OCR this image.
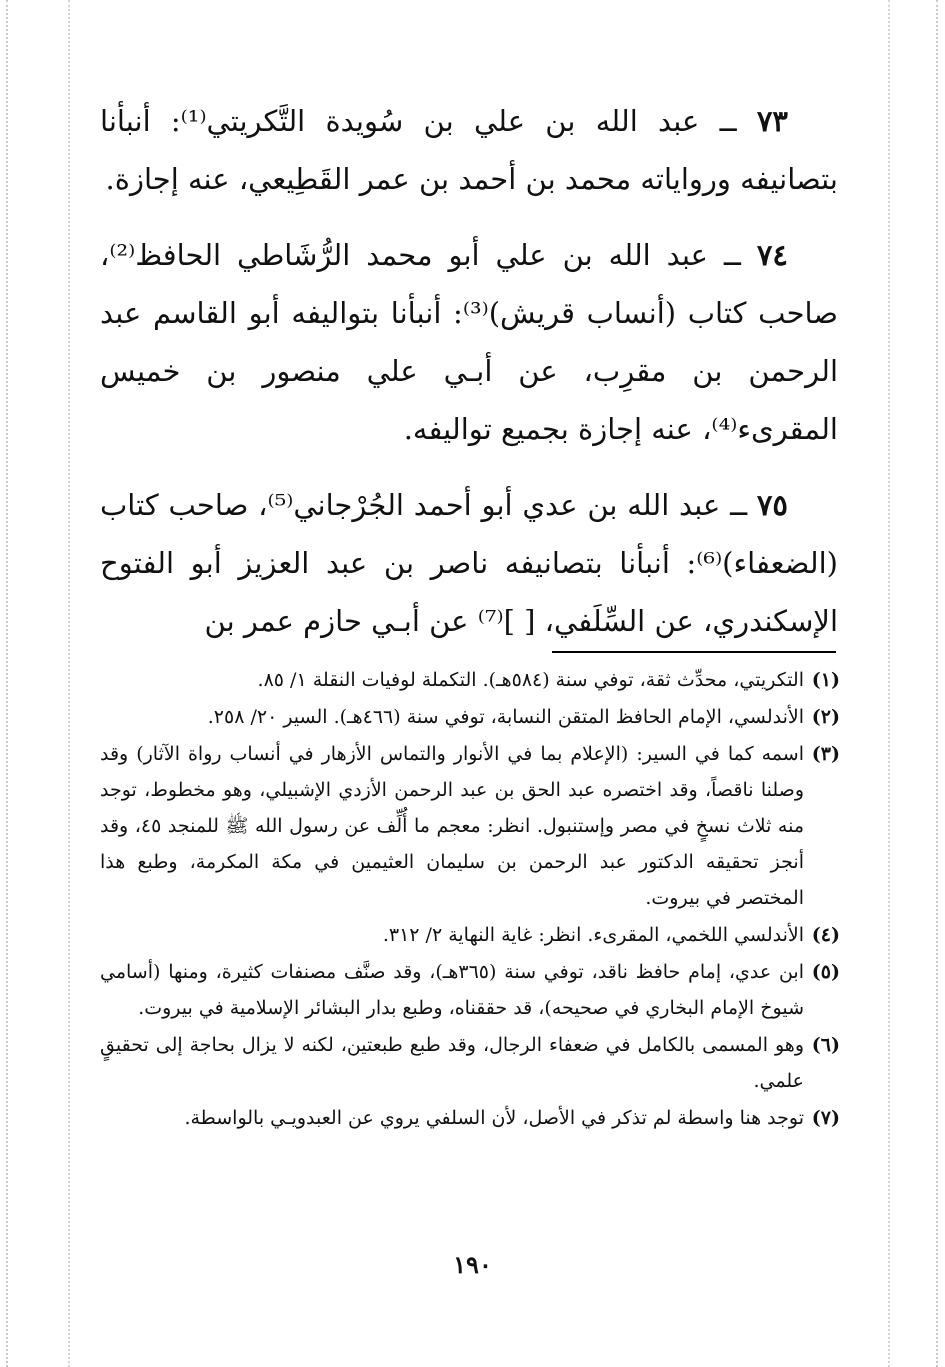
٧٣ ــ عبد الله بن علي بن سُويدة التَّكريتي⁽¹⁾: أنبأنا بتصانيفه ورواياته محمد بن أحمد بن عمر القَطِيعي، عنه إجازة.

٧٤ ــ عبد الله بن علي أبو محمد الرُّشَاطي الحافظ⁽²⁾، صاحب كتاب (أنساب قريش)⁽³⁾: أنبأنا بتواليفه أبو القاسم عبد الرحمن بن مقرِب، عن أبـي علي منصور بن خميس المقرىء⁽⁴⁾، عنه إجازة بجميع تواليفه.

٧٥ ــ عبد الله بن عدي أبو أحمد الجُرْجاني⁽⁵⁾، صاحب كتاب (الضعفاء)⁽⁶⁾: أنبأنا بتصانيفه ناصر بن عبد العزيز أبو الفتوح الإسكندري، عن السِّلَفي، [ ]⁽⁷⁾ عن أبـي حازم عمر بن

(١)
التكريتي، محدِّث ثقة، توفي سنة (٥٨٤هـ). التكملة لوفيات النقلة ١/ ٨٥.
(٢)
الأندلسي، الإمام الحافظ المتقن النسابة، توفي سنة (٤٦٦هـ). السير ٢٠/ ٢٥٨.
(٣)
اسمه كما في السير: (الإعلام بما في الأنوار والتماس الأزهار في أنساب رواة الآثار) وقد وصلنا ناقصاً، وقد اختصره عبد الحق بن عبد الرحمن الأزدي الإشبيلي، وهو مخطوط، توجد منه ثلاث نسخٍ في مصر وإستنبول. انظر: معجم ما أُلِّف عن رسول الله ﷺ للمنجد ٤٥، وقد أنجز تحقيقه الدكتور عبد الرحمن بن سليمان العثيمين في مكة المكرمة، وطبع هذا المختصر في بيروت.
(٤)
الأندلسي اللخمي، المقرىء. انظر: غاية النهاية ٢/ ٣١٢.
(٥)
ابن عدي، إمام حافظ ناقد، توفي سنة (٣٦٥هـ)، وقد صنَّف مصنفات كثيرة، ومنها (أسامي شيوخ الإمام البخاري في صحيحه)، قد حققناه، وطبع بدار البشائر الإسلامية في بيروت.
(٦)
وهو المسمى بالكامل في ضعفاء الرجال، وقد طبع طبعتين، لكنه لا يزال بحاجة إلى تحقيقٍ علمي.
(٧)
توجد هنا واسطة لم تذكر في الأصل، لأن السلفي يروي عن العبدويـي بالواسطة.
١٩٠
